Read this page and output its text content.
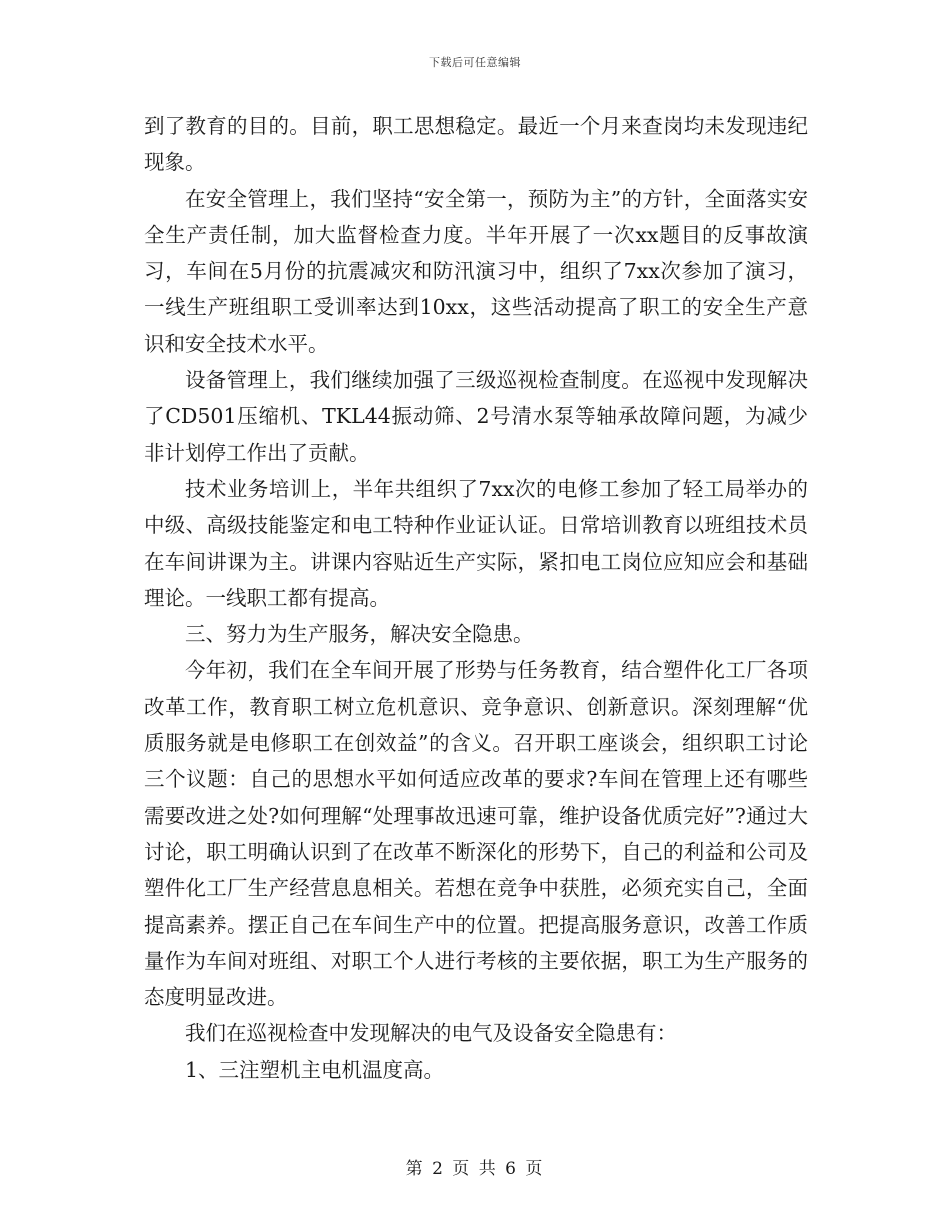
下载后可任意编辑

到了教育的目的。目前，职工思想稳定。最近一个月来查岗均未发现违纪现象。

在安全管理上，我们坚持“安全第一，预防为主”的方针，全面落实安全生产责任制，加大监督检查力度。半年开展了一次xx题目的反事故演习，车间在5月份的抗震减灾和防汛演习中，组织了7xx次参加了演习，一线生产班组职工受训率达到10xx，这些活动提高了职工的安全生产意识和安全技术水平。

设备管理上，我们继续加强了三级巡视检查制度。在巡视中发现解决了CD501压缩机、TKL44振动筛、2号清水泵等轴承故障问题，为减少非计划停工作出了贡献。

技术业务培训上，半年共组织了7xx次的电修工参加了轻工局举办的中级、高级技能鉴定和电工特种作业证认证。日常培训教育以班组技术员在车间讲课为主。讲课内容贴近生产实际，紧扣电工岗位应知应会和基础理论。一线职工都有提高。

三、努力为生产服务，解决安全隐患。

今年初，我们在全车间开展了形势与任务教育，结合塑件化工厂各项改革工作，教育职工树立危机意识、竞争意识、创新意识。深刻理解“优质服务就是电修职工在创效益”的含义。召开职工座谈会，组织职工讨论三个议题：自己的思想水平如何适应改革的要求?车间在管理上还有哪些需要改进之处?如何理解“处理事故迅速可靠，维护设备优质完好”?通过大讨论，职工明确认识到了在改革不断深化的形势下，自己的利益和公司及塑件化工厂生产经营息息相关。若想在竞争中获胜，必须充实自己，全面提高素养。摆正自己在车间生产中的位置。把提高服务意识，改善工作质量作为车间对班组、对职工个人进行考核的主要依据，职工为生产服务的态度明显改进。

我们在巡视检查中发现解决的电气及设备安全隐患有：

1、三注塑机主电机温度高。

第 2 页 共 6 页
